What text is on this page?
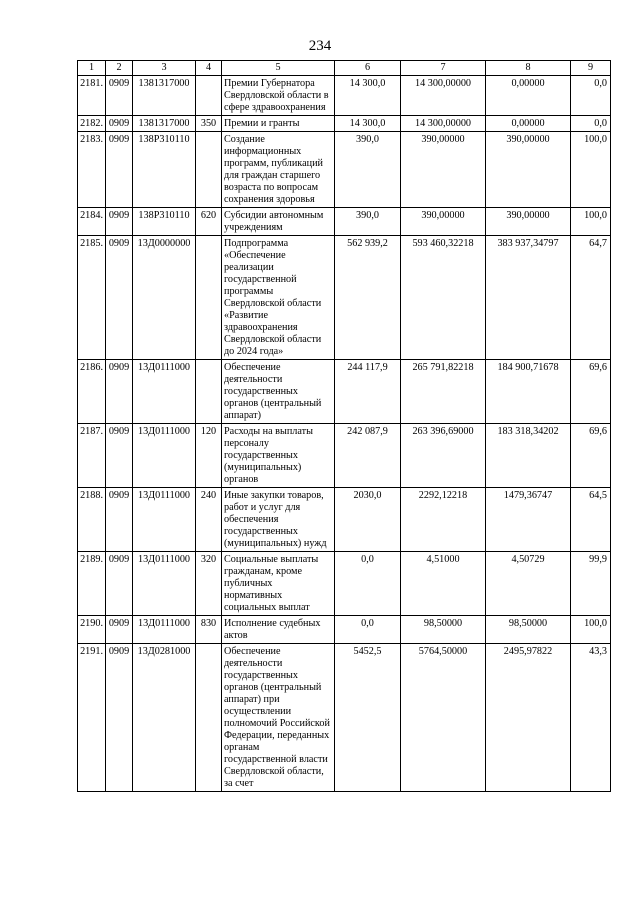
234
1	2	3	4	5	6	7	8	9
2181.	0909	1381317000		Премии Губернатора Свердловской области в сфере здравоохранения	14 300,0	14 300,00000	0,00000	0,0
2182.	0909	1381317000	350	Премии и гранты	14 300,0	14 300,00000	0,00000	0,0
2183.	0909	138Р310110		Создание информационных программ, публикаций для граждан старшего возраста по вопросам сохранения здоровья	390,0	390,00000	390,00000	100,0
2184.	0909	138Р310110	620	Субсидии автономным учреждениям	390,0	390,00000	390,00000	100,0
2185.	0909	13Д0000000		Подпрограмма «Обеспечение реализации государственной программы Свердловской области «Развитие здравоохранения Свердловской области до 2024 года»	562 939,2	593 460,32218	383 937,34797	64,7
2186.	0909	13Д0111000		Обеспечение деятельности государственных органов (центральный аппарат)	244 117,9	265 791,82218	184 900,71678	69,6
2187.	0909	13Д0111000	120	Расходы на выплаты персоналу государственных (муниципальных) органов	242 087,9	263 396,69000	183 318,34202	69,6
2188.	0909	13Д0111000	240	Иные закупки товаров, работ и услуг для обеспечения государственных (муниципальных) нужд	2030,0	2292,12218	1479,36747	64,5
2189.	0909	13Д0111000	320	Социальные выплаты гражданам, кроме публичных нормативных социальных выплат	0,0	4,51000	4,50729	99,9
2190.	0909	13Д0111000	830	Исполнение судебных актов	0,0	98,50000	98,50000	100,0
2191.	0909	13Д0281000		Обеспечение деятельности государственных органов (центральный аппарат) при осуществлении полномочий Российской Федерации, переданных органам государственной власти Свердловской области, за счет	5452,5	5764,50000	2495,97822	43,3
